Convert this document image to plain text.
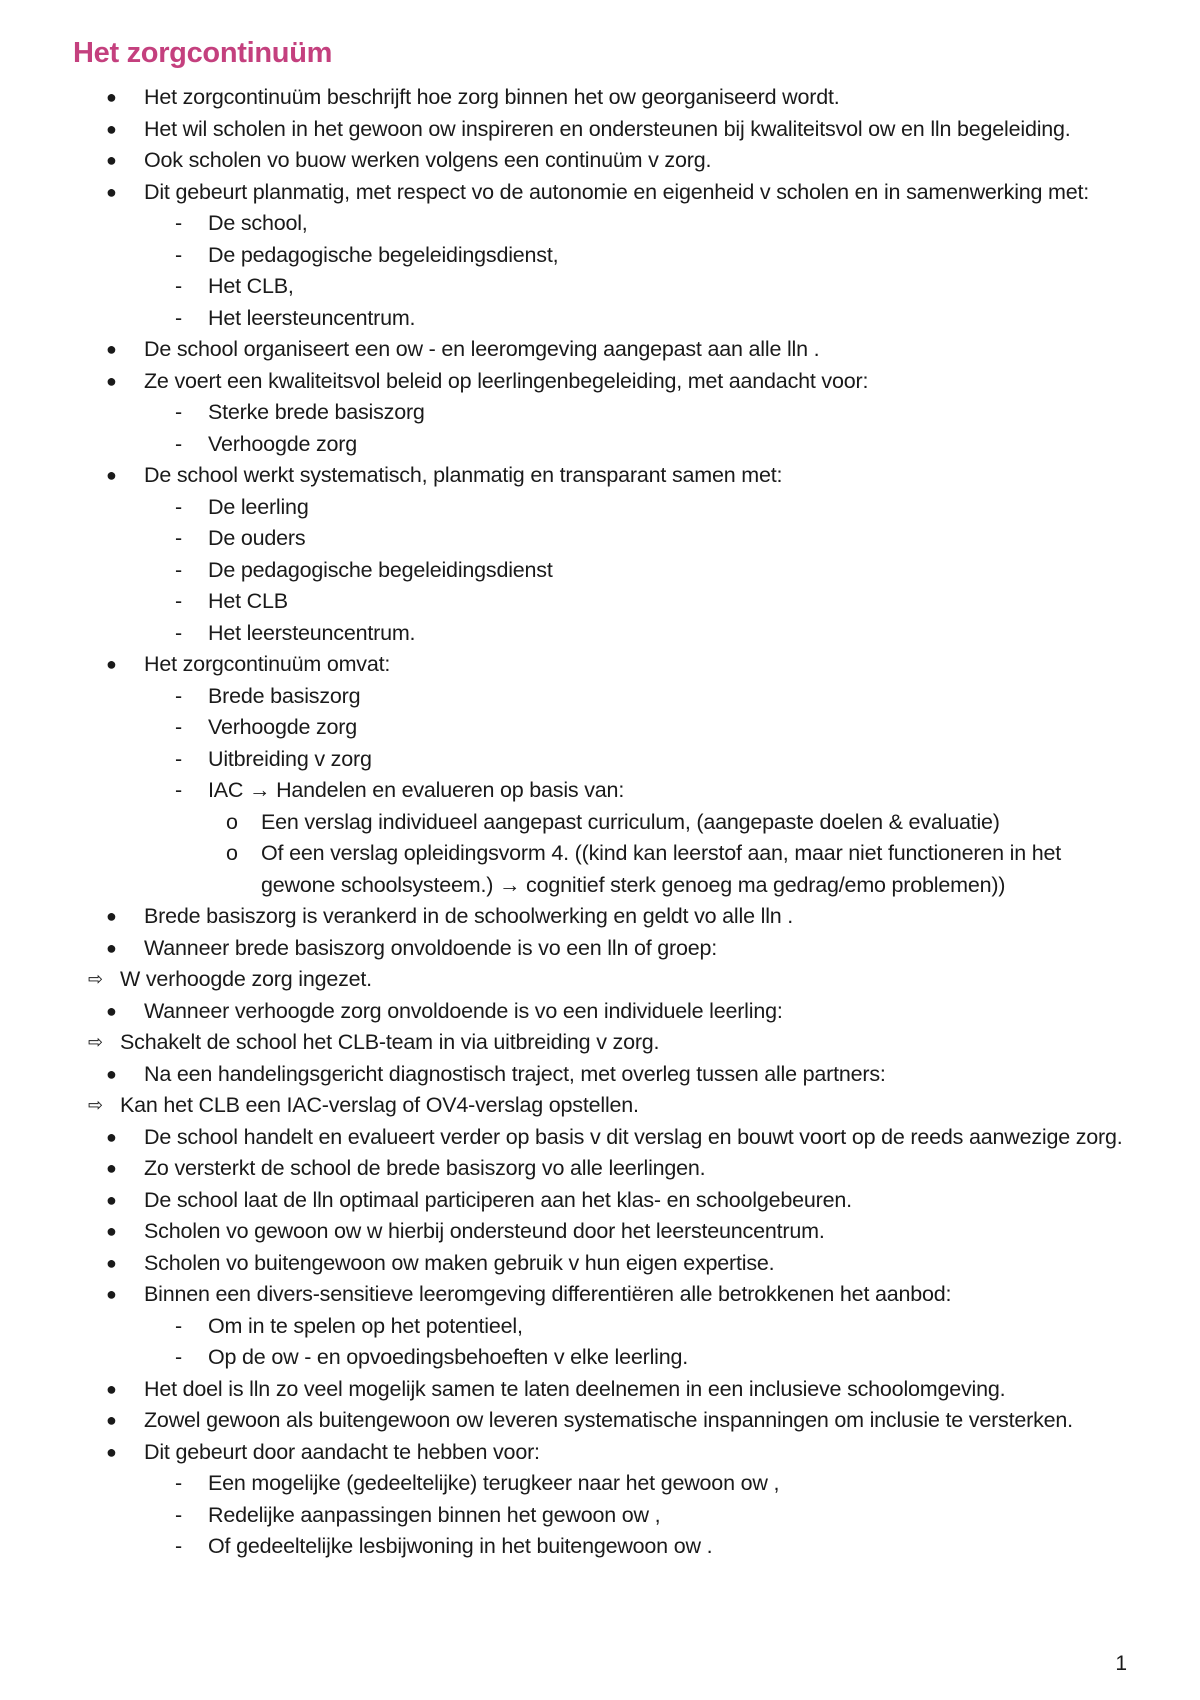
Het zorgcontinuüm
● Het zorgcontinuüm beschrijft hoe zorg binnen het ow georganiseerd wordt.
● Het wil scholen in het gewoon ow inspireren en ondersteunen bij kwaliteitsvol ow en lln begeleiding.
● Ook scholen vo buow werken volgens een continuüm v zorg.
● Dit gebeurt planmatig, met respect vo de autonomie en eigenheid v scholen en in samenwerking met:
- De school,
- De pedagogische begeleidingsdienst,
- Het CLB,
- Het leersteuncentrum.
● De school organiseert een ow - en leeromgeving aangepast aan alle lln .
● Ze voert een kwaliteitsvol beleid op leerlingenbegeleiding, met aandacht voor:
- Sterke brede basiszorg
- Verhoogde zorg
● De school werkt systematisch, planmatig en transparant samen met:
- De leerling
- De ouders
- De pedagogische begeleidingsdienst
- Het CLB
- Het leersteuncentrum.
● Het zorgcontinuüm omvat:
- Brede basiszorg
- Verhoogde zorg
- Uitbreiding v zorg
- IAC → Handelen en evalueren op basis van:
o Een verslag individueel aangepast curriculum, (aangepaste doelen & evaluatie)
o Of een verslag opleidingsvorm 4. ((kind kan leerstof aan, maar niet functioneren in het gewone schoolsysteem.) → cognitief sterk genoeg ma gedrag/emo problemen))
● Brede basiszorg is verankerd in de schoolwerking en geldt vo alle lln .
● Wanneer brede basiszorg onvoldoende is vo een lln of groep:
⇨ W verhoogde zorg ingezet.
● Wanneer verhoogde zorg onvoldoende is vo een individuele leerling:
⇨ Schakelt de school het CLB-team in via uitbreiding v zorg.
● Na een handelingsgericht diagnostisch traject, met overleg tussen alle partners:
⇨ Kan het CLB een IAC-verslag of OV4-verslag opstellen.
● De school handelt en evalueert verder op basis v dit verslag en bouwt voort op de reeds aanwezige zorg.
● Zo versterkt de school de brede basiszorg vo alle leerlingen.
● De school laat de lln optimaal participeren aan het klas- en schoolgebeuren.
● Scholen vo gewoon ow w hierbij ondersteund door het leersteuncentrum.
● Scholen vo buitengewoon ow maken gebruik v hun eigen expertise.
● Binnen een divers-sensitieve leeromgeving differentiëren alle betrokkenen het aanbod:
- Om in te spelen op het potentieel,
- Op de ow - en opvoedingsbehoeften v elke leerling.
● Het doel is lln zo veel mogelijk samen te laten deelnemen in een inclusieve schoolomgeving.
● Zowel gewoon als buitengewoon ow leveren systematische inspanningen om inclusie te versterken.
● Dit gebeurt door aandacht te hebben voor:
- Een mogelijke (gedeeltelijke) terugkeer naar het gewoon ow ,
- Redelijke aanpassingen binnen het gewoon ow ,
- Of gedeeltelijke lesbijwoning in het buitengewoon ow .
1
